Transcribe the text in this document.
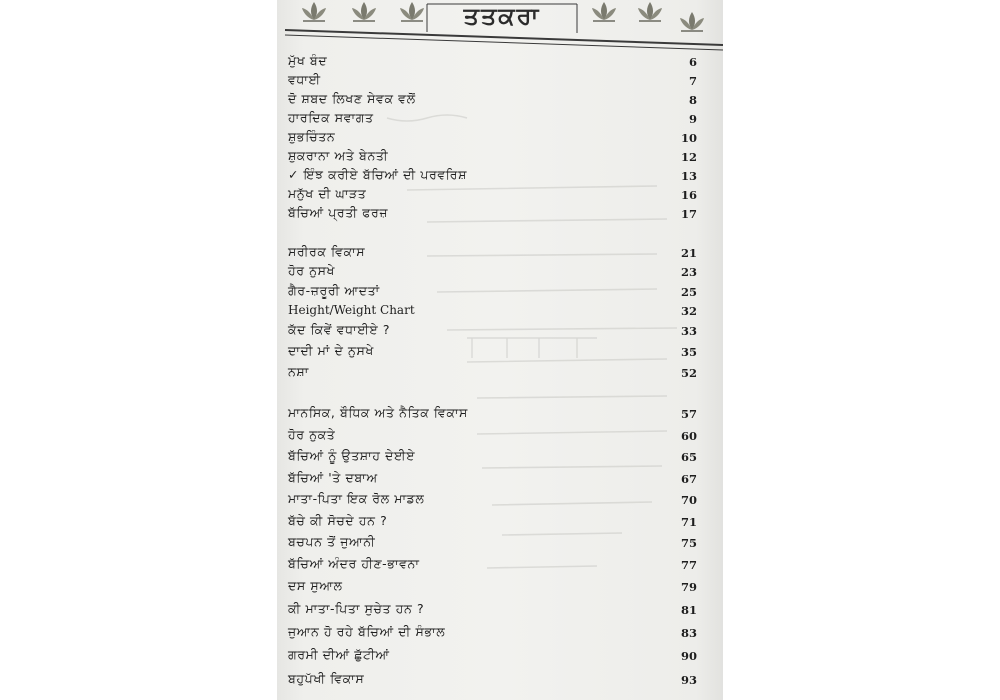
ਤਤਕਰਾ
ਮੁੱਖ ਬੰਦ	6
ਵਧਾਈ	7
ਦੋ ਸ਼ਬਦ ਲਿਖਣ ਸੇਵਕ ਵਲੋਂ	8
ਹਾਰਦਿਕ ਸਵਾਗਤ	9
ਸ਼ੁਭਚਿੰਤਨ	10
ਸ਼ੁਕਰਾਨਾ ਅਤੇ ਬੇਨਤੀ	12
✓ ਇੰਝ ਕਰੀਏ ਬੱਚਿਆਂ ਦੀ ਪਰਵਰਿਸ਼	13
ਮਨੁੱਖ ਦੀ ਘਾੜਤ	16
ਬੱਚਿਆਂ ਪ੍ਰਤੀ ਫਰਜ਼	17
ਸਰੀਰਕ ਵਿਕਾਸ	21
ਹੋਰ ਨੁਸਖੇ	23
ਗੈਰ-ਜ਼ਰੂਰੀ ਆਦਤਾਂ	25
Height/Weight Chart	32
ਕੱਦ ਕਿਵੇਂ ਵਧਾਈਏ ?	33
ਦਾਦੀ ਮਾਂ ਦੇ ਨੁਸਖੇ	35
ਨਸ਼ਾ	52
ਮਾਨਸਿਕ, ਬੌਧਿਕ ਅਤੇ ਨੈਤਿਕ ਵਿਕਾਸ	57
ਹੋਰ ਨੁਕਤੇ	60
ਬੱਚਿਆਂ ਨੂੰ ਉਤਸ਼ਾਹ ਦੇਈਏ	65
ਬੱਚਿਆਂ 'ਤੇ ਦਬਾਅ	67
ਮਾਤਾ-ਪਿਤਾ ਇਕ ਰੋਲ ਮਾਡਲ	70
ਬੱਚੇ ਕੀ ਸੋਚਦੇ ਹਨ ?	71
ਬਚਪਨ ਤੋਂ ਜੁਆਨੀ	75
ਬੱਚਿਆਂ ਅੰਦਰ ਹੀਣ-ਭਾਵਨਾ	77
ਦਸ ਸੁਆਲ	79
ਕੀ ਮਾਤਾ-ਪਿਤਾ ਸੁਚੇਤ ਹਨ ?	81
ਜੁਆਨ ਹੋ ਰਹੇ ਬੱਚਿਆਂ ਦੀ ਸੰਭਾਲ	83
ਗਰਮੀ ਦੀਆਂ ਛੁੱਟੀਆਂ	90
ਬਹੁਪੱਖੀ ਵਿਕਾਸ	93
